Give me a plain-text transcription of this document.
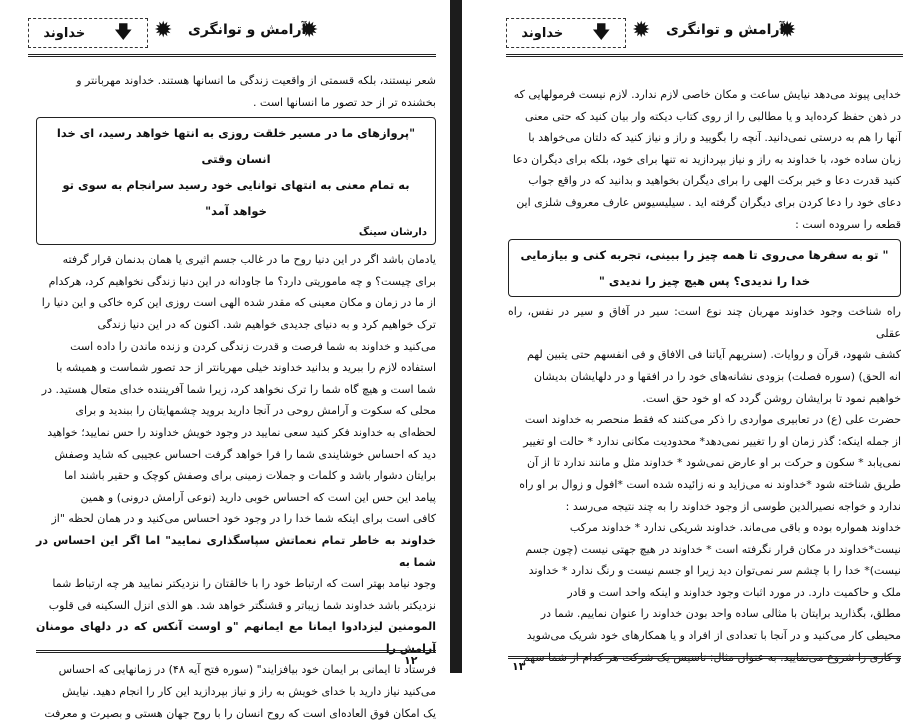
خداوند 🡇 ✹ آرامش و توانگری
✹

شعر نیستند، بلکه قسمتی از واقعیت زندگی ما انسانها هستند. خداوند مهربانتر و

بخشنده تر از حد تصور ما انسانها است .

"پروازهای ما در مسیر خلقت روزی به انتها خواهد رسید، ای خدا انسان وقتی
به تمام معنی به انتهای توانایی خود رسید سرانجام به سوی تو خواهد آمد"
دارشان سینگ

یادمان باشد اگر در این دنیا روح ما در غالب جسم اثیری یا همان بدنمان قرار گرفته

برای چیست؟ و چه ماموریتی دارد؟ ما جاودانه در این دنیا زندگی نخواهیم کرد، هرکدام

از ما در زمان و مکان معینی که مقدر شده الهی است روزی این کره خاکی و این دنیا را

ترک خواهیم کرد و به دنیای جدیدی خواهیم شد. اکنون که در این دنیا زندگی

می‌کنید و خداوند به شما فرصت و قدرت زندگی کردن و زنده ماندن را داده است

استفاده لازم را ببرید و بدانید خداوند خیلی مهربانتر از حد تصور شماست و همیشه با

شما است و هیچ گاه شما را ترک نخواهد کرد، زیرا شما آفریننده خدای متعال هستید. در

محلی که سکوت و آرامش روحی در آنجا دارید بروید چشمهایتان را ببندید و برای

لحظه‌ای به خداوند فکر کنید سعی نمایید در وجود خویش خداوند را حس نمایید؛ خواهید

دید که احساس خوشایندی شما را فرا خواهد گرفت احساس عجیبی که شاید وصفش

برایتان دشوار باشد و کلمات و جملات زمینی برای وصفش کوچک و حقیر باشند اما

پیامد این حس این است که احساس خوبی دارید (نوعی آرامش درونی) و همین

کافی است برای اینکه شما خدا را در وجود خود احساس می‌کنید و در همان لحظه "از

خداوند به خاطر تمام نعماتش سپاسگذاری نمایید" اما اگر این احساس در شما به

وجود نیامد بهتر است که ارتباط خود را با خالقتان را نزدیکتر نمایید هر چه ارتباط شما

نزدیکتر باشد خداوند شما زیباتر و قشنگتر خواهد شد. هو الذی انزل السکینه فی قلوب

المومنین لیزدادوا ایمانا مع ایمانهم "و اوست آنکس که در دلهای مومنان آرامش را

فرستاد تا ایمانی بر ایمان خود بیافزایند" (سوره فتح آیه ۴۸) در زمانهایی که احساس

می‌کنید نیاز دارید با خدای خویش به راز و نیاز بپردازید این کار را انجام دهید. نیایش

یک امکان فوق العاده‌ای است که روح انسان را با روح جهان هستی و بصیرت و معرفت

۱۲
خداوند 🡇 ✹ آرامش و توانگری
✹

خدایی پیوند می‌دهد نیایش ساعت و مکان خاصی لازم ندارد. لازم نیست فرمولهایی که

در ذهن حفظ کرده‌اید و یا مطالبی را از روی کتاب دیکته وار بیان کنید که حتی معنی

آنها را هم به درستی نمی‌دانید. آنچه را بگویید و راز و نیاز کنید که دلتان می‌خواهد با

زبان ساده خود، با خداوند به راز و نیاز بپردازید نه تنها برای خود، بلکه برای دیگران دعا

کنید قدرت دعا و خیر برکت الهی را برای دیگران بخواهید و بدانید که در واقع جواب

دعای خود را دعا کردن برای دیگران گرفته اید . سیلیسیوس عارف معروف شلزی این

قطعه را سروده است :

" تو به سفرها می‌روی تا همه چیز را ببینی، تجربه کنی و بیازمایی
خدا را ندیدی؟ پس هیچ چیز را ندیدی "

راه شناخت وجود خداوند مهربان چند نوع است: سیر در آفاق و سیر در نفس، راه عقلی

کشف شهود، قرآن و روایات. (سنریهم آیاتنا فی الافاق و فی انفسهم حتی یتبین لهم

انه الحق) (سوره فصلت) بزودی نشانه‌های خود را در افقها و در دلهایشان بدیشان

خواهیم نمود تا برایشان روشن گردد که او خود حق است.

حضرت علی (ع) در تعابیری مواردی را ذکر می‌کنند که فقط منحصر به خداوند است

از جمله اینکه: گذر زمان او را تغییر نمی‌دهد* محدودیت مکانی ندارد * حالت او تغییر

نمی‌یابد * سکون و حرکت بر او عارض نمی‌شود * خداوند مثل و مانند ندارد تا از آن

طریق شناخته شود *خداوند نه می‌زاید و نه زائیده شده است *افول و زوال بر او راه

ندارد و خواجه نصیرالدین طوسی از وجود خداوند را به چند نتیجه می‌رسد :

خداوند همواره بوده و باقی می‌ماند. خداوند شریکی ندارد * خداوند مرکب

نیست*خداوند در مکان قرار نگرفته است * خداوند در هیچ جهتی نیست (چون جسم

نیست)* خدا را با چشم سر نمی‌توان دید زیرا او جسم نیست و رنگ ندارد * خداوند

ملک و حاکمیت دارد. در مورد اثبات وجود خداوند و اینکه واحد است و قادر

مطلق، بگذارید برایتان با مثالی ساده واحد بودن خداوند را عنوان نماییم. شما در

محیطی کار می‌کنید و در آنجا با تعدادی از افراد و یا همکارهای خود شریک می‌شوید

و کاری را شروع می‌نمایید. به عنوان مثال: تاسیس یک شرکت هر کدام از شما سهم

۱۳
